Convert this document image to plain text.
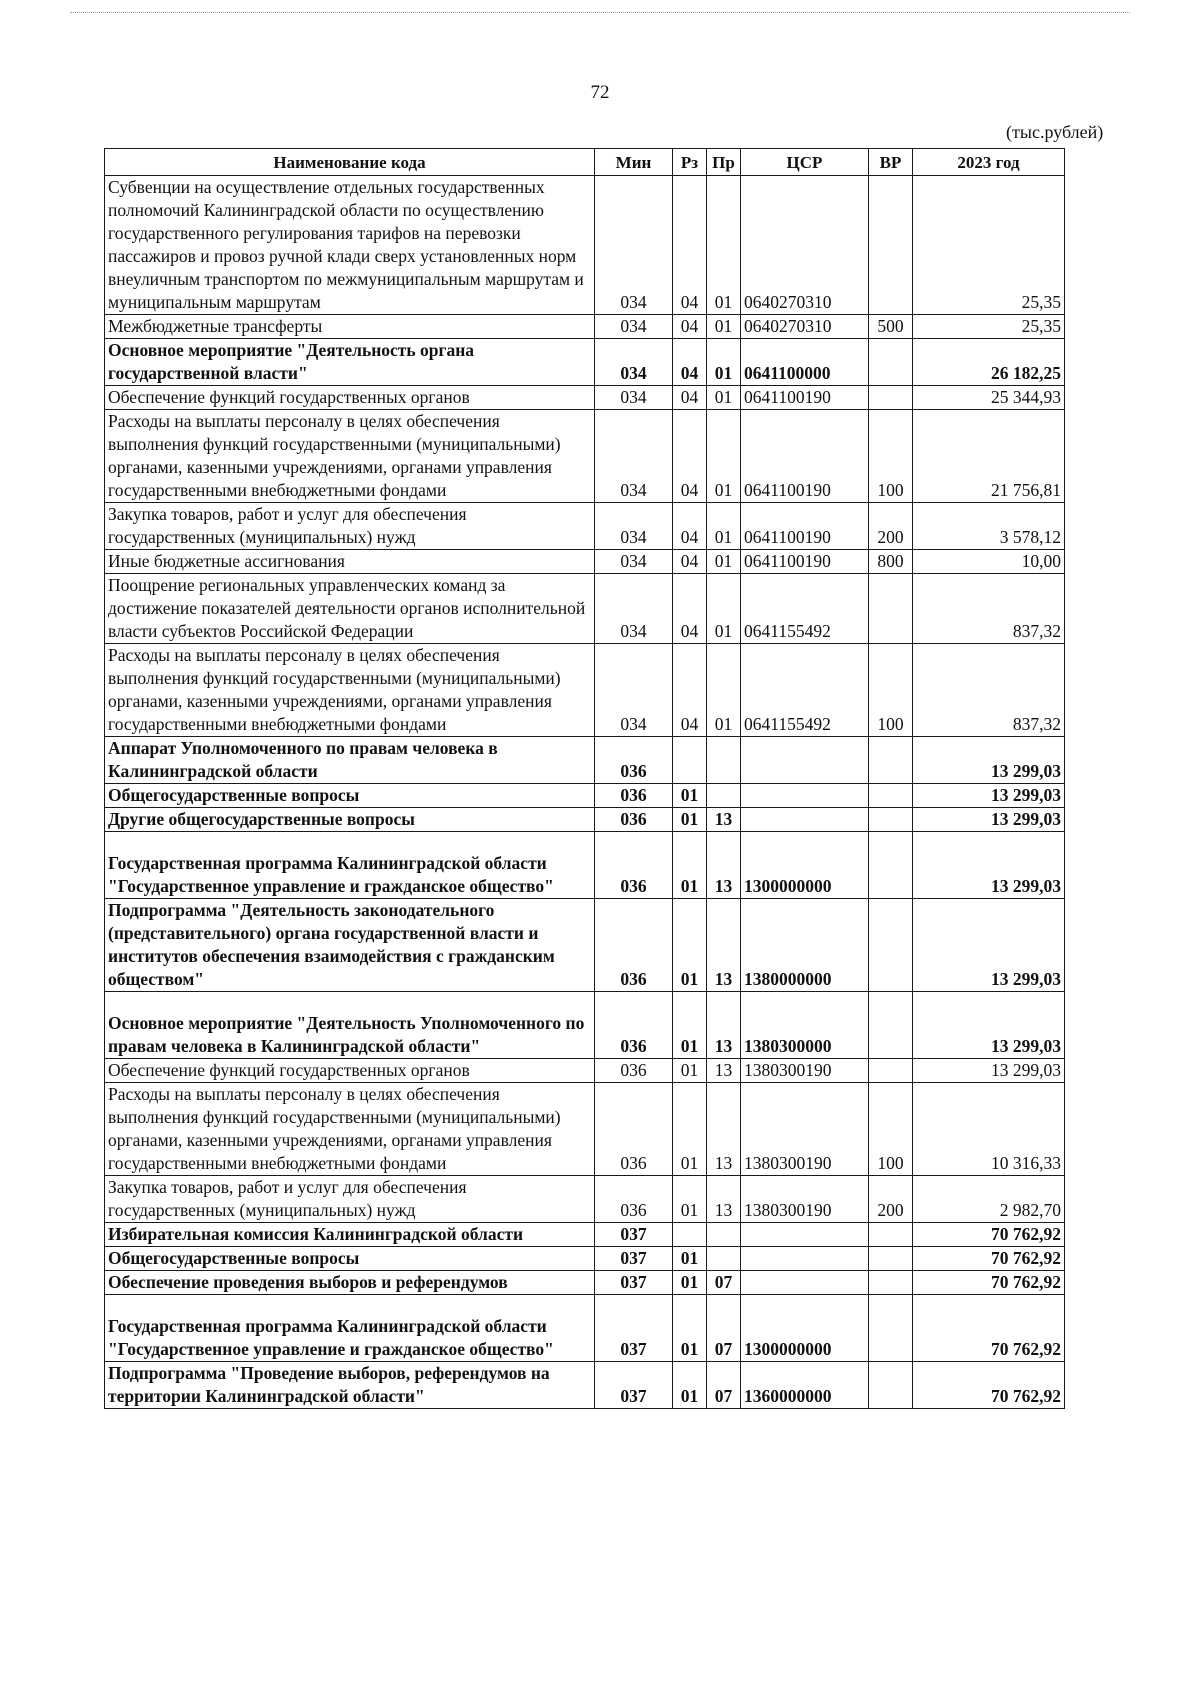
72
(тыс.рублей)
Наименование кода	Мин	Рз	Пр	ЦСР	ВР	2023 год
Субвенции на осуществление отдельных государственных полномочий Калининградской области по осуществлению государственного регулирования тарифов на перевозки пассажиров и провоз ручной клади сверх установленных норм внеуличным транспортом по межмуниципальным маршрутам и муниципальным маршрутам	034	04	01	0640270310		25,35
Межбюджетные трансферты	034	04	01	0640270310	500	25,35
Основное мероприятие "Деятельность органа государственной власти"	034	04	01	0641100000		26 182,25
Обеспечение функций государственных органов	034	04	01	0641100190		25 344,93
Расходы на выплаты персоналу в целях обеспечения выполнения функций государственными (муниципальными) органами, казенными учреждениями, органами управления государственными внебюджетными фондами	034	04	01	0641100190	100	21 756,81
Закупка товаров, работ и услуг для обеспечения государственных (муниципальных) нужд	034	04	01	0641100190	200	3 578,12
Иные бюджетные ассигнования	034	04	01	0641100190	800	10,00
Поощрение региональных управленческих команд за достижение показателей деятельности органов исполнительной власти субъектов Российской Федерации	034	04	01	0641155492		837,32
Расходы на выплаты персоналу в целях обеспечения выполнения функций государственными (муниципальными) органами, казенными учреждениями, органами управления государственными внебюджетными фондами	034	04	01	0641155492	100	837,32
Аппарат Уполномоченного по правам человека в Калининградской области	036					13 299,03
Общегосударственные вопросы	036	01				13 299,03
Другие общегосударственные вопросы	036	01	13			13 299,03
Государственная программа Калининградской области "Государственное управление и гражданское общество"	036	01	13	1300000000		13 299,03
Подпрограмма "Деятельность законодательного (представительного) органа государственной власти и институтов обеспечения взаимодействия с гражданским обществом"	036	01	13	1380000000		13 299,03
Основное мероприятие "Деятельность Уполномоченного по правам человека в Калининградской области"	036	01	13	1380300000		13 299,03
Обеспечение функций государственных органов	036	01	13	1380300190		13 299,03
Расходы на выплаты персоналу в целях обеспечения выполнения функций государственными (муниципальными) органами, казенными учреждениями, органами управления государственными внебюджетными фондами	036	01	13	1380300190	100	10 316,33
Закупка товаров, работ и услуг для обеспечения государственных (муниципальных) нужд	036	01	13	1380300190	200	2 982,70
Избирательная комиссия Калининградской области	037					70 762,92
Общегосударственные вопросы	037	01				70 762,92
Обеспечение проведения выборов и референдумов	037	01	07			70 762,92
Государственная программа Калининградской области "Государственное управление и гражданское общество"	037	01	07	1300000000		70 762,92
Подпрограмма "Проведение выборов, референдумов на территории Калининградской области"	037	01	07	1360000000		70 762,92
